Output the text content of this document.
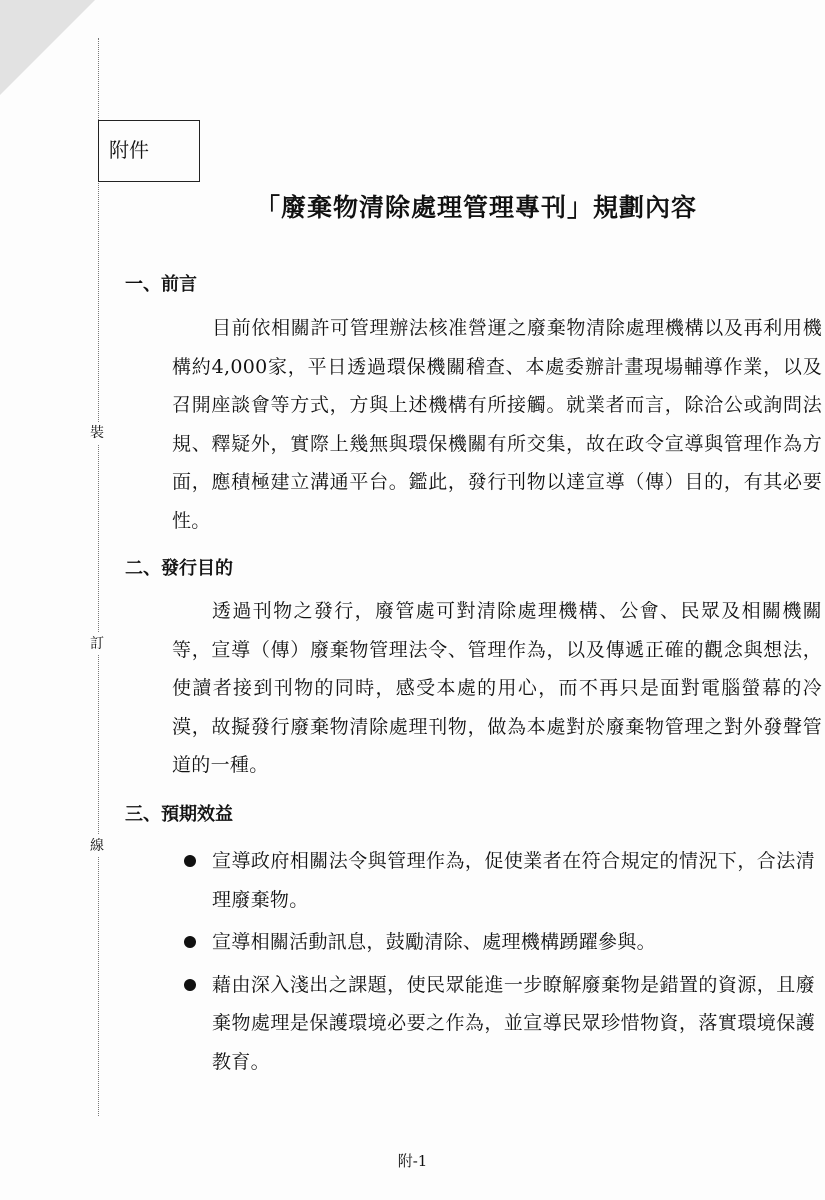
裝
訂
線
附件
「廢棄物清除處理管理專刊」規劃內容
一、前言

目前依相關許可管理辦法核准營運之廢棄物清除處理機構以及再利用機構約4,000家，平日透過環保機關稽查、本處委辦計畫現場輔導作業，以及召開座談會等方式，方與上述機構有所接觸。就業者而言，除洽公或詢問法規、釋疑外，實際上幾無與環保機關有所交集，故在政令宣導與管理作為方面，應積極建立溝通平台。鑑此，發行刊物以達宣導（傳）目的，有其必要性。

二、發行目的

透過刊物之發行，廢管處可對清除處理機構、公會、民眾及相關機關等，宣導（傳）廢棄物管理法令、管理作為，以及傳遞正確的觀念與想法，使讀者接到刊物的同時，感受本處的用心，而不再只是面對電腦螢幕的冷漠，故擬發行廢棄物清除處理刊物，做為本處對於廢棄物管理之對外發聲管道的一種。

三、預期效益
宣導政府相關法令與管理作為，促使業者在符合規定的情況下，合法清理廢棄物。
宣導相關活動訊息，鼓勵清除、處理機構踴躍參與。
藉由深入淺出之課題，使民眾能進一步瞭解廢棄物是錯置的資源，且廢棄物處理是保護環境必要之作為，並宣導民眾珍惜物資，落實環境保護教育。
附-1
